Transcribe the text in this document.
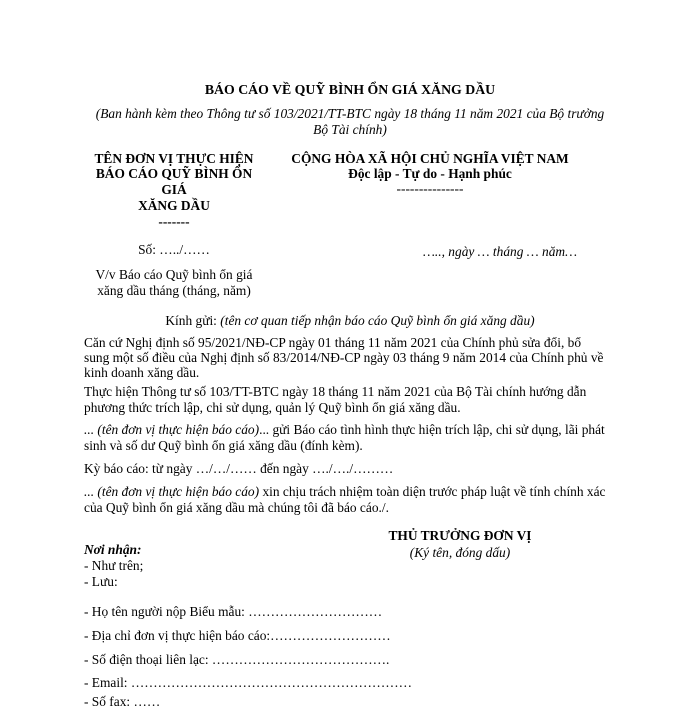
BÁO CÁO VỀ QUỸ BÌNH ỔN GIÁ XĂNG DẦU
(Ban hành kèm theo Thông tư số 103/2021/TT-BTC ngày 18 tháng 11 năm 2021 của Bộ trưởng
Bộ Tài chính)
TÊN ĐƠN VỊ THỰC HIỆN
BÁO CÁO QUỸ BÌNH ỔN
GIÁ
XĂNG DẦU
-------
CỘNG HÒA XÃ HỘI CHỦ NGHĨA VIỆT NAM
Độc lập - Tự do - Hạnh phúc
---------------
Số: …../……	….., ngày … tháng … năm…
V/v Báo cáo Quỹ bình ổn giá
xăng dầu tháng (tháng, năm)
Kính gửi: (tên cơ quan tiếp nhận báo cáo Quỹ bình ổn giá xăng dầu)
Căn cứ Nghị định số 95/2021/NĐ-CP ngày 01 tháng 11 năm 2021 của Chính phủ sửa đổi, bổ
sung một số điều của Nghị định số 83/2014/NĐ-CP ngày 03 tháng 9 năm 2014 của Chính phủ về
kinh doanh xăng dầu.
Thực hiện Thông tư số 103/TT-BTC ngày 18 tháng 11 năm 2021 của Bộ Tài chính hướng dẫn
phương thức trích lập, chi sử dụng, quản lý Quỹ bình ổn giá xăng dầu.
... (tên đơn vị thực hiện báo cáo)... gửi Báo cáo tình hình thực hiện trích lập, chi sử dụng, lãi phát
sinh và số dư Quỹ bình ổn giá xăng dầu (đính kèm).
Kỳ báo cáo: từ ngày …/…/…… đến ngày …./…./………
... (tên đơn vị thực hiện báo cáo) xin chịu trách nhiệm toàn diện trước pháp luật về tính chính xác
của Quỹ bình ổn giá xăng dầu mà chúng tôi đã báo cáo./.
THỦ TRƯỞNG ĐƠN VỊ
(Ký tên, đóng dấu)
Nơi nhận:
- Như trên;
- Lưu:
- Họ tên người nộp Biểu mẫu: …………………………
- Địa chỉ đơn vị thực hiện báo cáo:………………………
- Số điện thoại liên lạc: ………………………………….
- Email: ………………………………………………………
- Số fax: ……
